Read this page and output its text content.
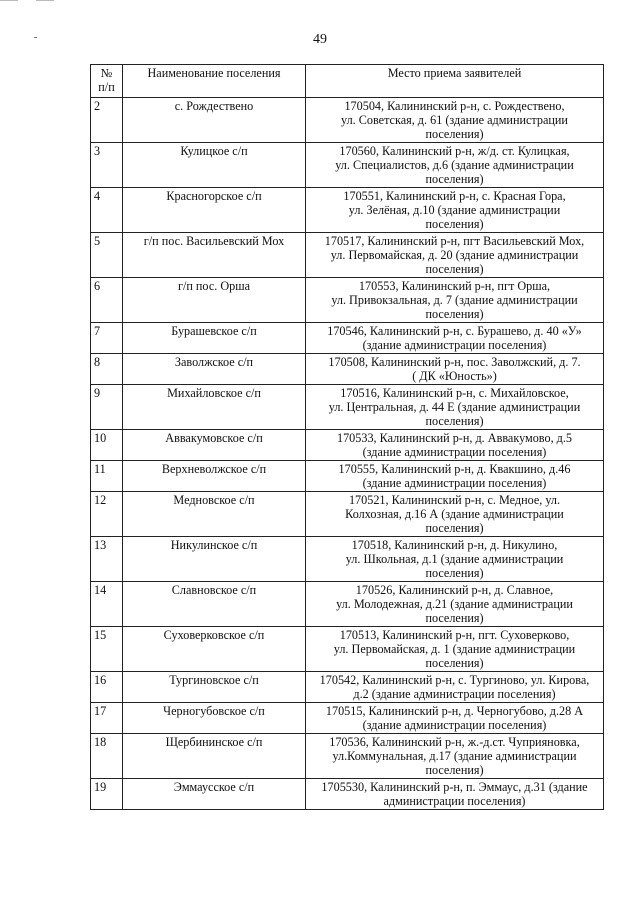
49
№
п/п	Наименование поселения	Место приема заявителей
2	с. Рождествено	170504, Калининский р-н, с. Рождествено,
ул. Советская, д. 61 (здание администрации
поселения)
3	Кулицкое с/п	170560, Калининский р-н, ж/д. ст. Кулицкая,
ул. Специалистов, д.6 (здание администрации
поселения)
4	Красногорское с/п	170551, Калининский р-н, с. Красная Гора,
ул. Зелёная, д.10 (здание администрации
поселения)
5	г/п пос. Васильевский Мох	170517, Калининский р-н, пгт Васильевский Мох,
ул. Первомайская, д. 20 (здание администрации
поселения)
6	г/п пос. Орша	170553, Калининский р-н, пгт Орша,
ул. Привокзальная, д. 7 (здание администрации
поселения)
7	Бурашевское с/п	170546, Калининский р-н, с. Бурашево, д. 40 «У»
(здание администрации поселения)
8	Заволжское с/п	170508, Калининский р-н, пос. Заволжский, д. 7.
( ДК «Юность»)
9	Михайловское с/п	170516, Калининский р-н, с. Михайловское,
ул. Центральная, д. 44 Е (здание администрации
поселения)
10	Аввакумовское с/п	170533, Калининский р-н, д. Аввакумово, д.5
(здание администрации поселения)
11	Верхневолжское с/п	170555, Калининский р-н, д. Квакшино, д.46
(здание администрации поселения)
12	Медновское с/п	170521, Калининский р-н, с. Медное, ул.
Колхозная, д.16 А (здание администрации
поселения)
13	Никулинское с/п	170518, Калининский р-н, д. Никулино,
ул. Школьная, д.1 (здание администрации
поселения)
14	Славновское с/п	170526, Калининский р-н, д. Славное,
ул. Молодежная, д.21 (здание администрации
поселения)
15	Суховерковское с/п	170513, Калининский р-н, пгт. Суховерково,
ул. Первомайская, д. 1 (здание администрации
поселения)
16	Тургиновское с/п	170542, Калининский р-н, с. Тургиново, ул. Кирова,
д.2 (здание администрации поселения)
17	Черногубовское с/п	170515, Калининский р-н, д. Черногубово, д.28 А
(здание администрации поселения)
18	Щербининское с/п	170536, Калининский р-н, ж.-д.ст. Чуприяновка,
ул.Коммунальная, д.17 (здание администрации
поселения)
19	Эммаусское с/п	1705530, Калининский р-н, п. Эммаус, д.31 (здание
администрации поселения)
